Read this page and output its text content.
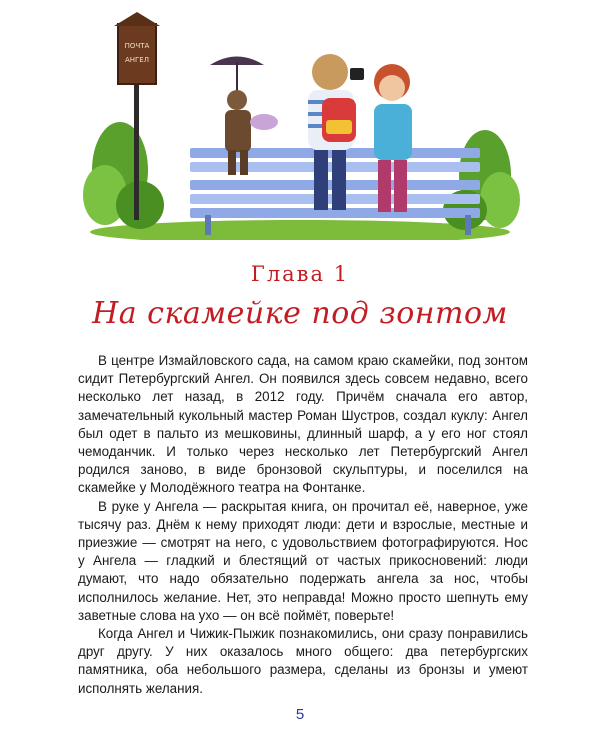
ПОЧТА
АНГЕЛ
Глава 1
На скамейке под зонтом

В центре Измайловского сада, на самом краю скамейки, под зонтом сидит Петербургский Ангел. Он появился здесь совсем недавно, всего несколько лет назад, в 2012 году. Причём сначала его автор, замечательный кукольный мастер Роман Шустров, создал куклу: Ангел был одет в пальто из мешковины, длинный шарф, а у его ног стоял чемоданчик. И только через несколько лет Петербургский Ангел родился заново, в виде бронзовой скульптуры, и поселился на скамейке у Молодёжного театра на Фонтанке.

В руке у Ангела — раскрытая книга, он прочитал её, наверное, уже тысячу раз. Днём к нему приходят люди: дети и взрослые, местные и приезжие — смотрят на него, с удовольствием фотографируются. Нос у Ангела — гладкий и блестящий от частых прикосновений: люди думают, что надо обязательно подержать ангела за нос, чтобы исполнилось желание. Нет, это неправда! Можно просто шепнуть ему заветные слова на ухо — он всё поймёт, поверьте!

Когда Ангел и Чижик-Пыжик познакомились, они сразу понравились друг другу. У них оказалось много общего: два петербургских памятника, оба небольшого размера, сделаны из бронзы и умеют исполнять желания.

5
